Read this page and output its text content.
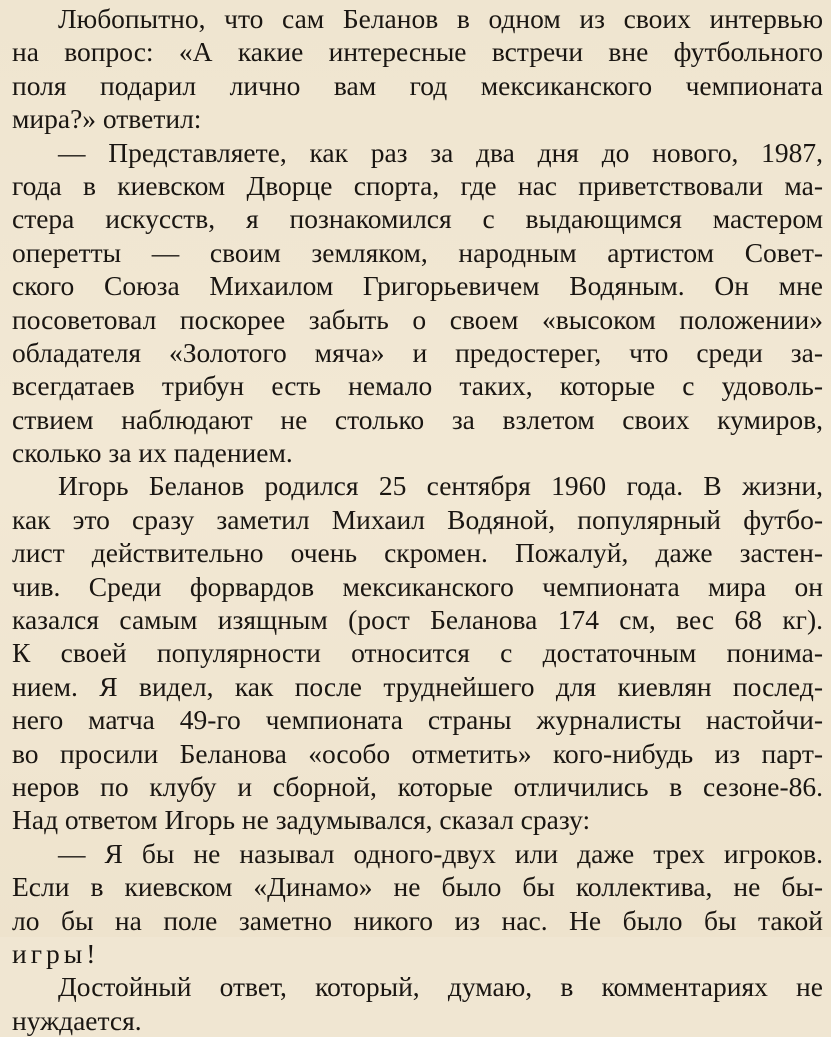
Любопытно, что сам Беланов в одном из своих интервью
на вопрос: «А какие интересные встречи вне футбольного
поля подарил лично вам год мексиканского чемпионата
мира?» ответил:
— Представляете, как раз за два дня до нового, 1987,
года в киевском Дворце спорта, где нас приветствовали ма-
стера искусств, я познакомился с выдающимся мастером
оперетты — своим земляком, народным артистом Совет-
ского Союза Михаилом Григорьевичем Водяным. Он мне
посоветовал поскорее забыть о своем «высоком положении»
обладателя «Золотого мяча» и предостерег, что среди за-
всегдатаев трибун есть немало таких, которые с удоволь-
ствием наблюдают не столько за взлетом своих кумиров,
сколько за их падением.
Игорь Беланов родился 25 сентября 1960 года. В жизни,
как это сразу заметил Михаил Водяной, популярный футбо-
лист действительно очень скромен. Пожалуй, даже застен-
чив. Среди форвардов мексиканского чемпионата мира он
казался самым изящным (рост Беланова 174 см, вес 68 кг).
К своей популярности относится с достаточным понима-
нием. Я видел, как после труднейшего для киевлян послед-
него матча 49-го чемпионата страны журналисты настойчи-
во просили Беланова «особо отметить» кого-нибудь из парт-
неров по клубу и сборной, которые отличились в сезоне-86.
Над ответом Игорь не задумывался, сказал сразу:
— Я бы не называл одного-двух или даже трех игроков.
Если в киевском «Динамо» не было бы коллектива, не бы-
ло бы на поле заметно никого из нас. Не было бы такой
игры!
Достойный ответ, который, думаю, в комментариях не
нуждается.
